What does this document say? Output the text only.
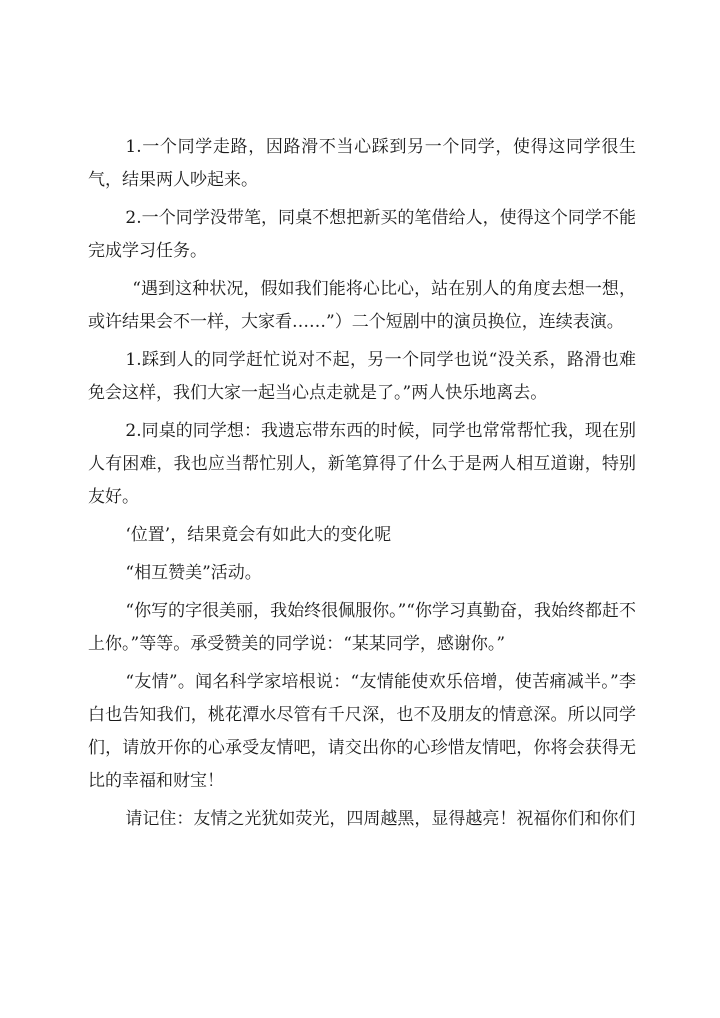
1.一个同学走路，因路滑不当心踩到另一个同学，使得这同学很生气，结果两人吵起来。

2.一个同学没带笔，同桌不想把新买的笔借给人，使得这个同学不能完成学习任务。

“遇到这种状况，假如我们能将心比心，站在别人的角度去想一想，或许结果会不一样，大家看……”）二个短剧中的演员换位，连续表演。

1.踩到人的同学赶忙说对不起，另一个同学也说“没关系，路滑也难免会这样，我们大家一起当心点走就是了。”两人快乐地离去。

2.同桌的同学想：我遗忘带东西的时候，同学也常常帮忙我，现在别人有困难，我也应当帮忙别人，新笔算得了什么于是两人相互道谢，特别友好。

‘位置’，结果竟会有如此大的变化呢

“相互赞美”活动。

“你写的字很美丽，我始终很佩服你。”“你学习真勤奋，我始终都赶不上你。”等等。承受赞美的同学说：“某某同学，感谢你。”

“友情”。闻名科学家培根说：“友情能使欢乐倍增，使苦痛减半。”李白也告知我们，桃花潭水尽管有千尺深，也不及朋友的情意深。所以同学们，请放开你的心承受友情吧，请交出你的心珍惜友情吧，你将会获得无比的幸福和财宝！

请记住：友情之光犹如荧光，四周越黑，显得越亮！祝福你们和你们
